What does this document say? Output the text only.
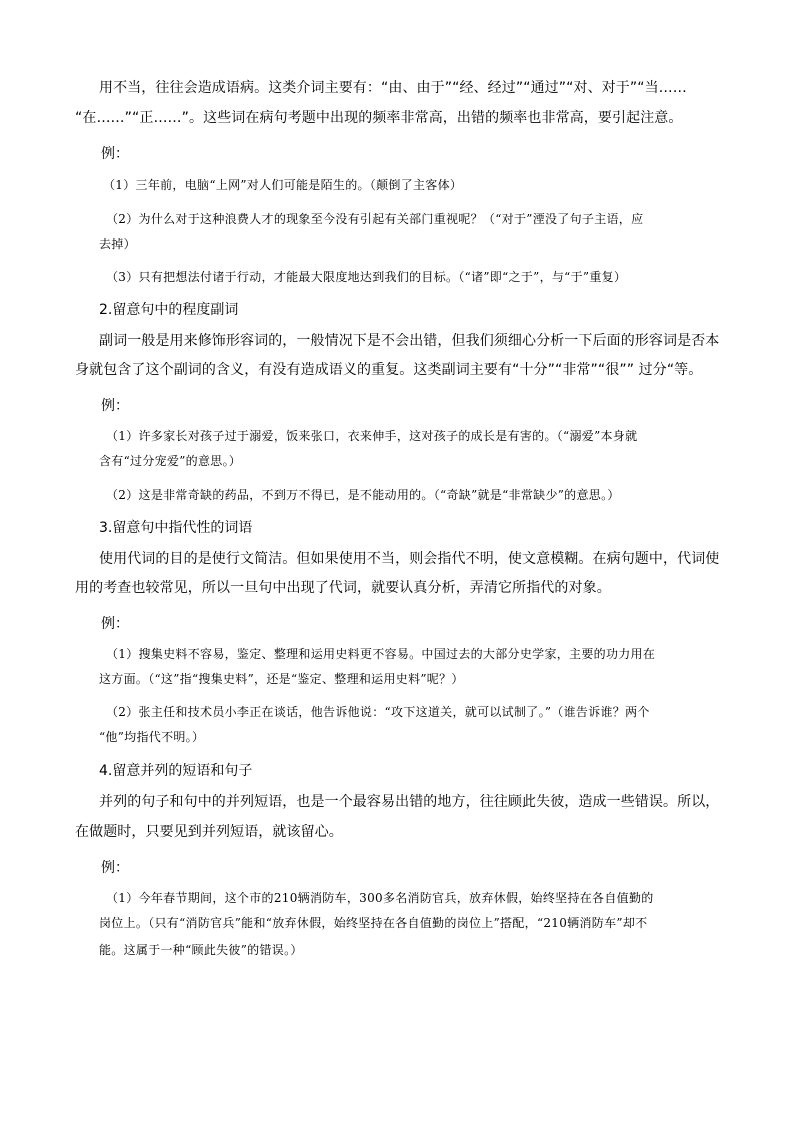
用不当，往往会造成语病。这类介词主要有：“由、由于”“经、经过”“通过”“对、对于”“当……
“在……”“正……”。这些词在病句考题中出现的频率非常高，出错的频率也非常高，要引起注意。
例：
（1）三年前，电脑“上网”对人们可能是陌生的。（颠倒了主客体）
（2）为什么对于这种浪费人才的现象至今没有引起有关部门重视呢？（“对于”湮没了句子主语，应
去掉）
（3）只有把想法付诸于行动，才能最大限度地达到我们的目标。（“诸”即“之于”，与“于”重复）
2.留意句中的程度副词
副词一般是用来修饰形容词的，一般情况下是不会出错，但我们须细心分析一下后面的形容词是否本
身就包含了这个副词的含义，有没有造成语义的重复。这类副词主要有“十分”“非常”“很”” 过分“等。
例：
（1）许多家长对孩子过于溺爱，饭来张口，衣来伸手，这对孩子的成长是有害的。（“溺爱”本身就
含有“过分宠爱”的意思。）
（2）这是非常奇缺的药品，不到万不得已，是不能动用的。（“奇缺”就是“非常缺少”的意思。）
3.留意句中指代性的词语
使用代词的目的是使行文简洁。但如果使用不当，则会指代不明，使文意模糊。在病句题中，代词使
用的考查也较常见，所以一旦句中出现了代词，就要认真分析，弄清它所指代的对象。
例：
（1）搜集史料不容易，鉴定、整理和运用史料更不容易。中国过去的大部分史学家，主要的功力用在
这方面。（“这”指“搜集史料”，还是“鉴定、整理和运用史料”呢？）
（2）张主任和技术员小李正在谈话，他告诉他说：“攻下这道关，就可以试制了。”（谁告诉谁？两个
“他”均指代不明。）
4.留意并列的短语和句子
并列的句子和句中的并列短语，也是一个最容易出错的地方，往往顾此失彼，造成一些错误。所以，
在做题时，只要见到并列短语，就该留心。
例：
（1）今年春节期间，这个市的210辆消防车，300多名消防官兵，放弃休假，始终坚持在各自值勤的
岗位上。（只有“消防官兵”能和“放弃休假，始终坚持在各自值勤的岗位上”搭配，“210辆消防车”却不
能。这属于一种“顾此失彼”的错误。）
